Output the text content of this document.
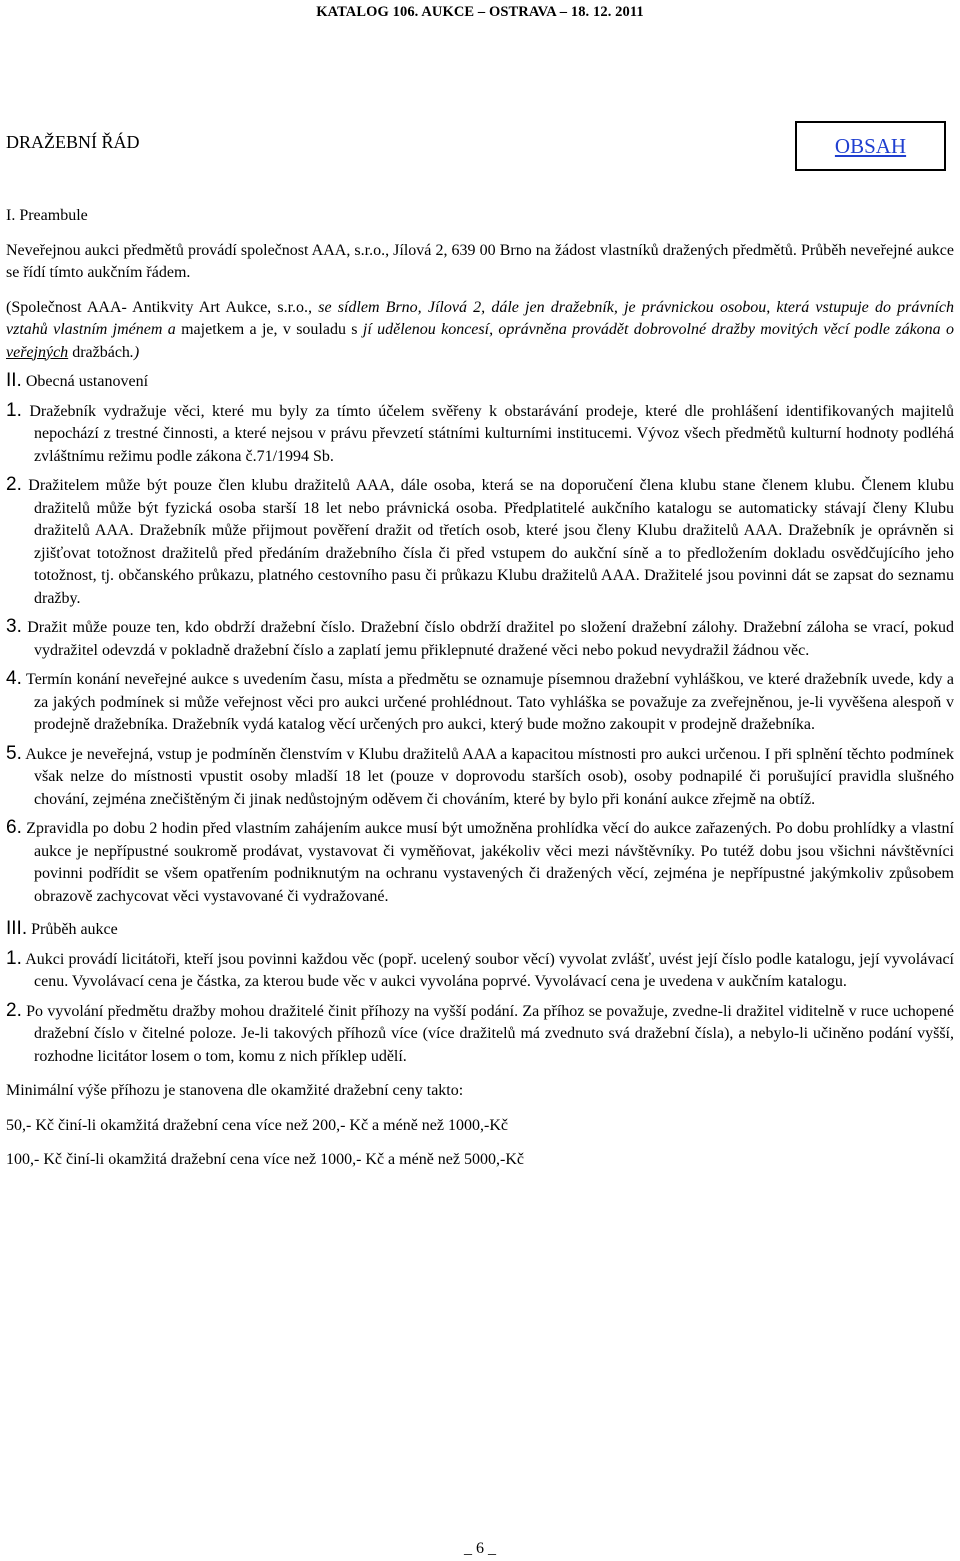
KATALOG 106. AUKCE – OSTRAVA – 18. 12. 2011
DRAŽEBNÍ ŘÁD	OBSAH

I. Preambule

Neveřejnou aukci předmětů provádí společnost AAA, s.r.o., Jílová 2, 639 00 Brno na žádost vlastníků dražených předmětů. Průběh neveřejné aukce se řídí tímto aukčním řádem.

(Společnost AAA- Antikvity Art Aukce, s.r.o., se sídlem Brno, Jílová 2, dále jen dražebník, je právnickou osobou, která vstupuje do právních vztahů vlastním jménem a majetkem a je, v souladu s jí udělenou koncesí, oprávněna provádět dobrovolné dražby movitých věcí podle zákona o veřejných dražbách.)

II. Obecná ustanovení

1. Dražebník vydražuje věci, které mu byly za tímto účelem svěřeny k obstarávání prodeje, které dle prohlášení identifikovaných majitelů nepochází z trestné činnosti, a které nejsou v právu převzetí státními kulturními institucemi. Vývoz všech předmětů kulturní hodnoty podléhá zvláštnímu režimu podle zákona č.71/1994 Sb.
2. Dražitelem může být pouze člen klubu dražitelů AAA, dále osoba, která se na doporučení člena klubu stane členem klubu. Členem klubu dražitelů může být fyzická osoba starší 18 let nebo právnická osoba. Předplatitelé aukčního katalogu se automaticky stávají členy Klubu dražitelů AAA. Dražebník může přijmout pověření dražit od třetích osob, které jsou členy Klubu dražitelů AAA. Dražebník je oprávněn si zjišťovat totožnost dražitelů před předáním dražebního čísla či před vstupem do aukční síně a to předložením dokladu osvědčujícího jeho totožnost, tj. občanského průkazu, platného cestovního pasu či průkazu Klubu dražitelů AAA. Dražitelé jsou povinni dát se zapsat do seznamu dražby.
3. Dražit může pouze ten, kdo obdrží dražební číslo. Dražební číslo obdrží dražitel po složení dražební zálohy. Dražební záloha se vrací, pokud vydražitel odevzdá v pokladně dražební číslo a zaplatí jemu přiklepnuté dražené věci nebo pokud nevydražil žádnou věc.
4. Termín konání neveřejné aukce s uvedením času, místa a předmětu se oznamuje písemnou dražební vyhláškou, ve které dražebník uvede, kdy a za jakých podmínek si může veřejnost věci pro aukci určené prohlédnout. Tato vyhláška se považuje za zveřejněnou, je-li vyvěšena alespoň v prodejně dražebníka. Dražebník vydá katalog věcí určených pro aukci, který bude možno zakoupit v prodejně dražebníka.
5. Aukce je neveřejná, vstup je podmíněn členstvím v Klubu dražitelů AAA a kapacitou místnosti pro aukci určenou. I při splnění těchto podmínek však nelze do místnosti vpustit osoby mladší 18 let (pouze v doprovodu starších osob), osoby podnapilé či porušující pravidla slušného chování, zejména znečištěným či jinak nedůstojným oděvem či chováním, které by bylo při konání aukce zřejmě na obtíž.
6. Zpravidla po dobu 2 hodin před vlastním zahájením aukce musí být umožněna prohlídka věcí do aukce zařazených. Po dobu prohlídky a vlastní aukce je nepřípustné soukromě prodávat, vystavovat či vyměňovat, jakékoliv věci mezi návštěvníky. Po tutéž dobu jsou všichni návštěvníci povinni podřídit se všem opatřením podniknutým na ochranu vystavených či dražených věcí, zejména je nepřípustné jakýmkoliv způsobem obrazově zachycovat věci vystavované či vydražované.

III. Průběh aukce

1. Aukci provádí licitátoři, kteří jsou povinni každou věc (popř. ucelený soubor věcí) vyvolat zvlášť, uvést její číslo podle katalogu, její vyvolávací cenu. Vyvolávací cena je částka, za kterou bude věc v aukci vyvolána poprvé. Vyvolávací cena je uvedena v aukčním katalogu.
2. Po vyvolání předmětu dražby mohou dražitelé činit příhozy na vyšší podání. Za příhoz se považuje, zvedne-li dražitel viditelně v ruce uchopené dražební číslo v čitelné poloze. Je-li takových příhozů více (více dražitelů má zvednuto svá dražební čísla), a nebylo-li učiněno podání vyšší, rozhodne licitátor losem o tom, komu z nich příklep udělí.

Minimální výše příhozu je stanovena dle okamžité dražební ceny takto:

50,- Kč činí-li okamžitá dražební cena více než 200,- Kč a méně než 1000,-Kč

100,- Kč činí-li okamžitá dražební cena více než 1000,- Kč a méně než 5000,-Kč

_ 6 _
